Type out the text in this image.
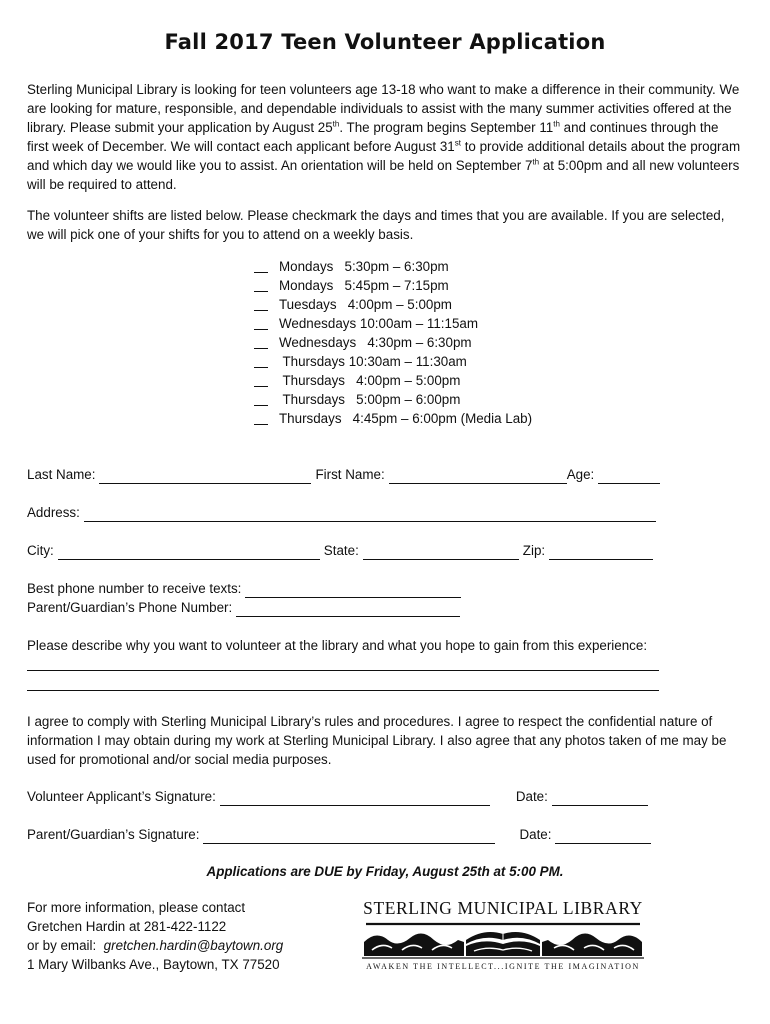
Fall 2017 Teen Volunteer Application

Sterling Municipal Library is looking for teen volunteers age 13-18 who want to make a difference in their community. We are looking for mature, responsible, and dependable individuals to assist with the many summer activities offered at the library. Please submit your application by August 25th. The program begins September 11th and continues through the first week of December. We will contact each applicant before August 31st to provide additional details about the program and which day we would like you to assist. An orientation will be held on September 7th at 5:00pm and all new volunteers will be required to attend.

The volunteer shifts are listed below. Please checkmark the days and times that you are available. If you are selected, we will pick one of your shifts for you to attend on a weekly basis.

Mondays   5:30pm – 6:30pm
Mondays   5:45pm – 7:15pm
Tuesdays   4:00pm – 5:00pm
Wednesdays 10:00am – 11:15am
Wednesdays   4:30pm – 6:30pm
Thursdays 10:30am – 11:30am
Thursdays   4:00pm – 5:00pm
Thursdays   5:00pm – 6:00pm
Thursdays   4:45pm – 6:00pm (Media Lab)
Last Name:	First Name:	Age:
Address:
City:	State:	Zip:
Best phone number to receive texts:
Parent/Guardian’s Phone Number:

Please describe why you want to volunteer at the library and what you hope to gain from this experience:

I agree to comply with Sterling Municipal Library’s rules and procedures. I agree to respect the confidential nature of information I may obtain during my work at Sterling Municipal Library. I also agree that any photos taken of me may be used for promotional and/or social media purposes.

Volunteer Applicant’s Signature:	Date:
Parent/Guardian’s Signature:	Date:

Applications are DUE by Friday, August 25th at 5:00 PM.

For more information, please contact
Gretchen Hardin at 281-422-1122
or by email:  gretchen.hardin@baytown.org
1 Mary Wilbanks Ave., Baytown, TX 77520
STERLING MUNICIPAL LIBRARY
AWAKEN THE INTELLECT...IGNITE THE IMAGINATION
